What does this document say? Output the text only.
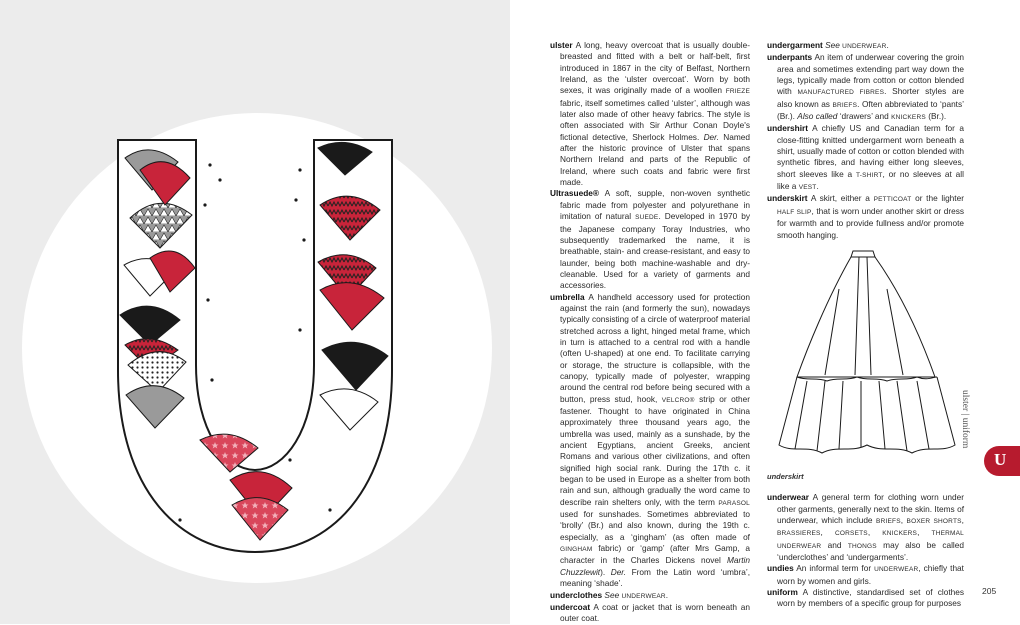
ulster A long, heavy overcoat that is usually double-breasted and fitted with a belt or half-belt, first introduced in 1867 in the city of Belfast, Northern Ireland, as the ‘ulster overcoat’. Worn by both sexes, it was originally made of a woollen FRIEZE fabric, itself sometimes called ‘ulster’, although was later also made of other heavy fabrics. The style is often associated with Sir Arthur Conan Doyle's fictional detective, Sherlock Holmes. Der. Named after the historic province of Ulster that spans Northern Ireland and parts of the Republic of Ireland, where such coats and fabric were first made.

Ultrasuede® A soft, supple, non-woven synthetic fabric made from polyester and polyurethane in imitation of natural SUEDE. Developed in 1970 by the Japanese company Toray Industries, who subsequently trademarked the name, it is breathable, stain- and crease-resistant, and easy to launder, being both machine-washable and dry-cleanable. Used for a variety of garments and accessories.

umbrella A handheld accessory used for protection against the rain (and formerly the sun), nowadays typically consisting of a circle of waterproof material stretched across a light, hinged metal frame, which in turn is attached to a central rod with a handle (often U-shaped) at one end. To facilitate carrying or storage, the structure is collapsible, with the canopy, typically made of polyester, wrapping around the central rod before being secured with a button, press stud, hook, VELCRO® strip or other fastener. Thought to have originated in China approximately three thousand years ago, the umbrella was used, mainly as a sunshade, by the ancient Egyptians, ancient Greeks, ancient Romans and various other civilizations, and often signified high social rank. During the 17th c. it began to be used in Europe as a shelter from both rain and sun, although gradually the word came to describe rain shelters only, with the term PARASOL used for sunshades. Sometimes abbreviated to ‘brolly’ (Br.) and also known, during the 19th c. especially, as a ‘gingham’ (as often made of GINGHAM fabric) or ‘gamp’ (after Mrs Gamp, a character in the Charles Dickens novel Martin Chuzzlewit). Der. From the Latin word ‘umbra’, meaning ‘shade’.

underclothes See UNDERWEAR.

undercoat A coat or jacket that is worn beneath an outer coat.

undergarment See UNDERWEAR.

underpants An item of underwear covering the groin area and sometimes extending part way down the legs, typically made from cotton or cotton blended with MANUFACTURED FIBRES. Shorter styles are also known as BRIEFS. Often abbreviated to ‘pants’ (Br.). Also called ‘drawers’ and KNICKERS (Br.).

undershirt A chiefly US and Canadian term for a close-fitting knitted undergarment worn beneath a shirt, usually made of cotton or cotton blended with synthetic fibres, and having either long sleeves, short sleeves like a T-SHIRT, or no sleeves at all like a VEST.

underskirt A skirt, either a PETTICOAT or the lighter HALF SLIP, that is worn under another skirt or dress for warmth and to provide fullness and/or promote smooth hanging.

underskirt

underwear A general term for clothing worn under other garments, generally next to the skin. Items of underwear, which include BRIEFS, BOXER SHORTS, BRASSIERES, CORSETS, KNICKERS, THERMAL UNDERWEAR and THONGS may also be called ‘underclothes’ and ‘undergarments’.

undies An informal term for UNDERWEAR, chiefly that worn by women and girls.

uniform A distinctive, standardised set of clothes worn by members of a specific group for purposes

ulster | uniform
U
205
